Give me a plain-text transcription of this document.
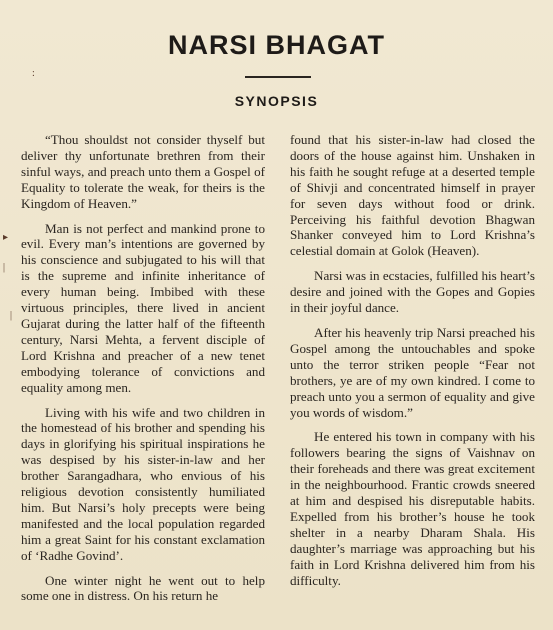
NARSI BHAGAT
SYNOPSIS
:
▸
|
|

“Thou shouldst not consider thyself but deliver thy unfortunate brethren from their sinful ways, and preach unto them a Gospel of Equality to tolerate the weak, for theirs is the Kingdom of Heaven.”

Man is not perfect and mankind prone to evil. Every man’s intentions are governed by his conscience and subjugated to his will that is the supreme and infinite inheritance of every human being. Imbibed with these virtuous principles, there lived in ancient Gujarat during the latter half of the fifteenth century, Narsi Mehta, a fervent disciple of Lord Krishna and preacher of a new tenet embodying tolerance of convictions and equality among men.

Living with his wife and two children in the homestead of his brother and spending his days in glorifying his spiritual inspirations he was despised by his sister-in-law and her brother Sarangadhara, who envious of his religious devotion consistently humiliated him. But Narsi’s holy precepts were being manifested and the local population regarded him a great Saint for his constant exclamation of ‘Radhe Govind’.

One winter night he went out to help some one in distress. On his return he

found that his sister-in-law had closed the doors of the house against him. Unshaken in his faith he sought refuge at a deserted temple of Shivji and concentrated himself in prayer for seven days without food or drink. Perceiving his faithful devotion Bhagwan Shanker conveyed him to Lord Krishna’s celestial domain at Golok (Heaven).

Narsi was in ecstacies, fulfilled his heart’s desire and joined with the Gopes and Gopies in their joyful dance.

After his heavenly trip Narsi preached his Gospel among the untouchables and spoke unto the terror striken people “Fear not brothers, ye are of my own kindred. I come to preach unto you a sermon of equality and give you words of wisdom.”

He entered his town in company with his followers bearing the signs of Vaishnav on their foreheads and there was great excitement in the neighbourhood. Frantic crowds sneered at him and despised his disreputable habits. Expelled from his brother’s house he took shelter in a nearby Dharam Shala. His daughter’s marriage was approaching but his faith in Lord Krishna delivered him from his difficulty.
